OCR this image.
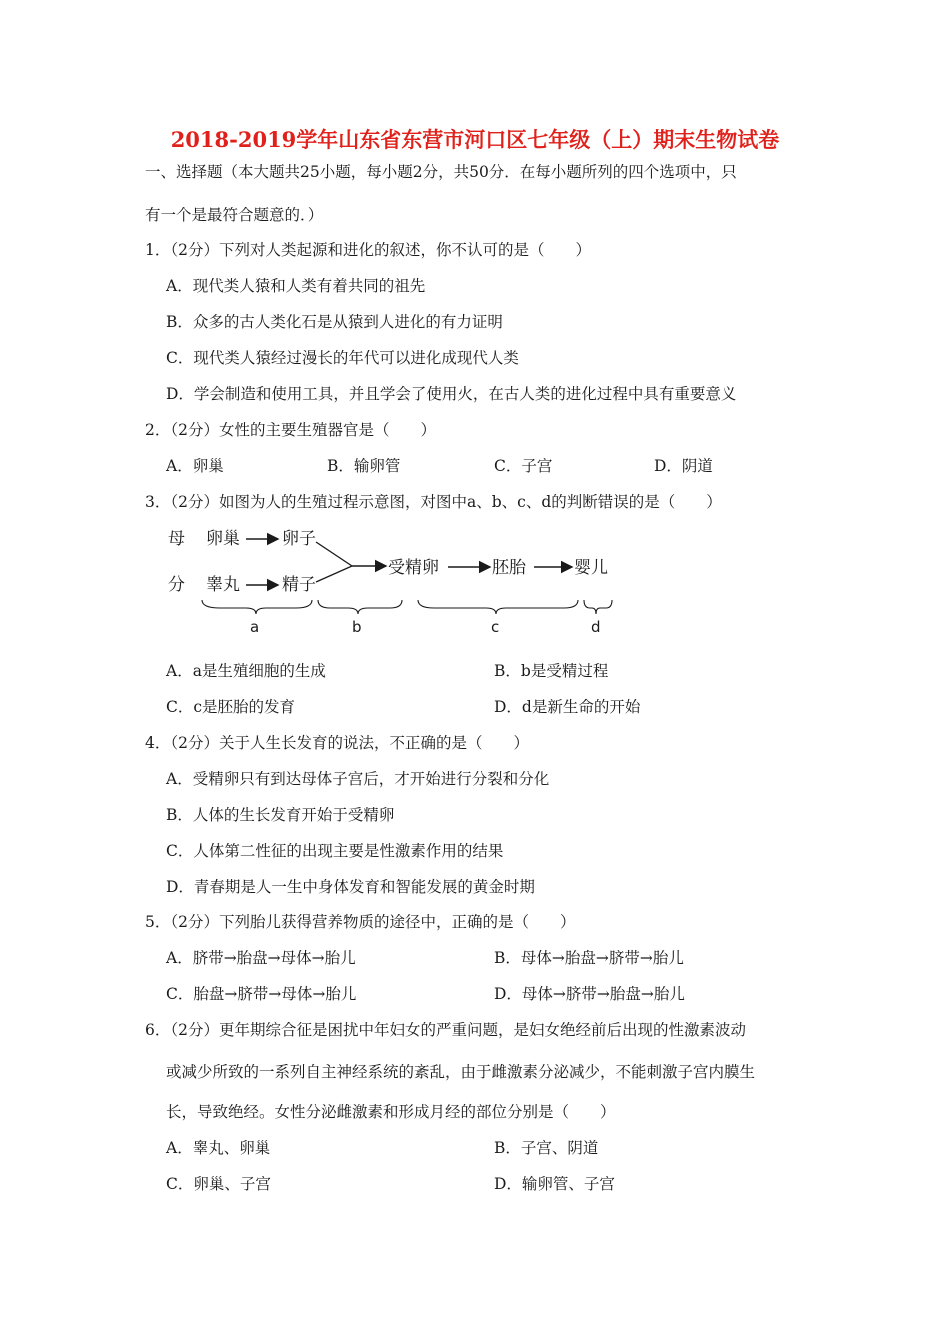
2018-2019学年山东省东营市河口区七年级（上）期末生物试卷
一、选择题（本大题共25小题，每小题2分，共50分．在每小题所列的四个选项中，只
有一个是最符合题意的．）
1．（2分）下列对人类起源和进化的叙述，你不认可的是（　　）
A．现代类人猿和人类有着共同的祖先
B．众多的古人类化石是从猿到人进化的有力证明
C．现代类人猿经过漫长的年代可以进化成现代人类
D．学会制造和使用工具，并且学会了使用火，在古人类的进化过程中具有重要意义
2．（2分）女性的主要生殖器官是（　　）
A．卵巢	B．输卵管	C．子宫	D．阴道
3．（2分）如图为人的生殖过程示意图，对图中a、b、c、d的判断错误的是（　　）
母
分
卵巢 卵子
睾丸 精子
受精卵	胚胎	婴儿
a	b	c	d
A．a是生殖细胞的生成	B．b是受精过程
C．c是胚胎的发育	D．d是新生命的开始
4．（2分）关于人生长发育的说法，不正确的是（　　）
A．受精卵只有到达母体子宫后，才开始进行分裂和分化
B．人体的生长发育开始于受精卵
C．人体第二性征的出现主要是性激素作用的结果
D．青春期是人一生中身体发育和智能发展的黄金时期
5．（2分）下列胎儿获得营养物质的途径中，正确的是（　　）
A．脐带→胎盘→母体→胎儿	B．母体→胎盘→脐带→胎儿
C．胎盘→脐带→母体→胎儿	D．母体→脐带→胎盘→胎儿
6．（2分）更年期综合征是困扰中年妇女的严重问题，是妇女绝经前后出现的性激素波动
或减少所致的一系列自主神经系统的紊乱，由于雌激素分泌减少，不能刺激子宫内膜生
长，导致绝经。女性分泌雌激素和形成月经的部位分别是（　　）
A．睾丸、卵巢	B．子宫、阴道
C．卵巢、子宫	D．输卵管、子宫
